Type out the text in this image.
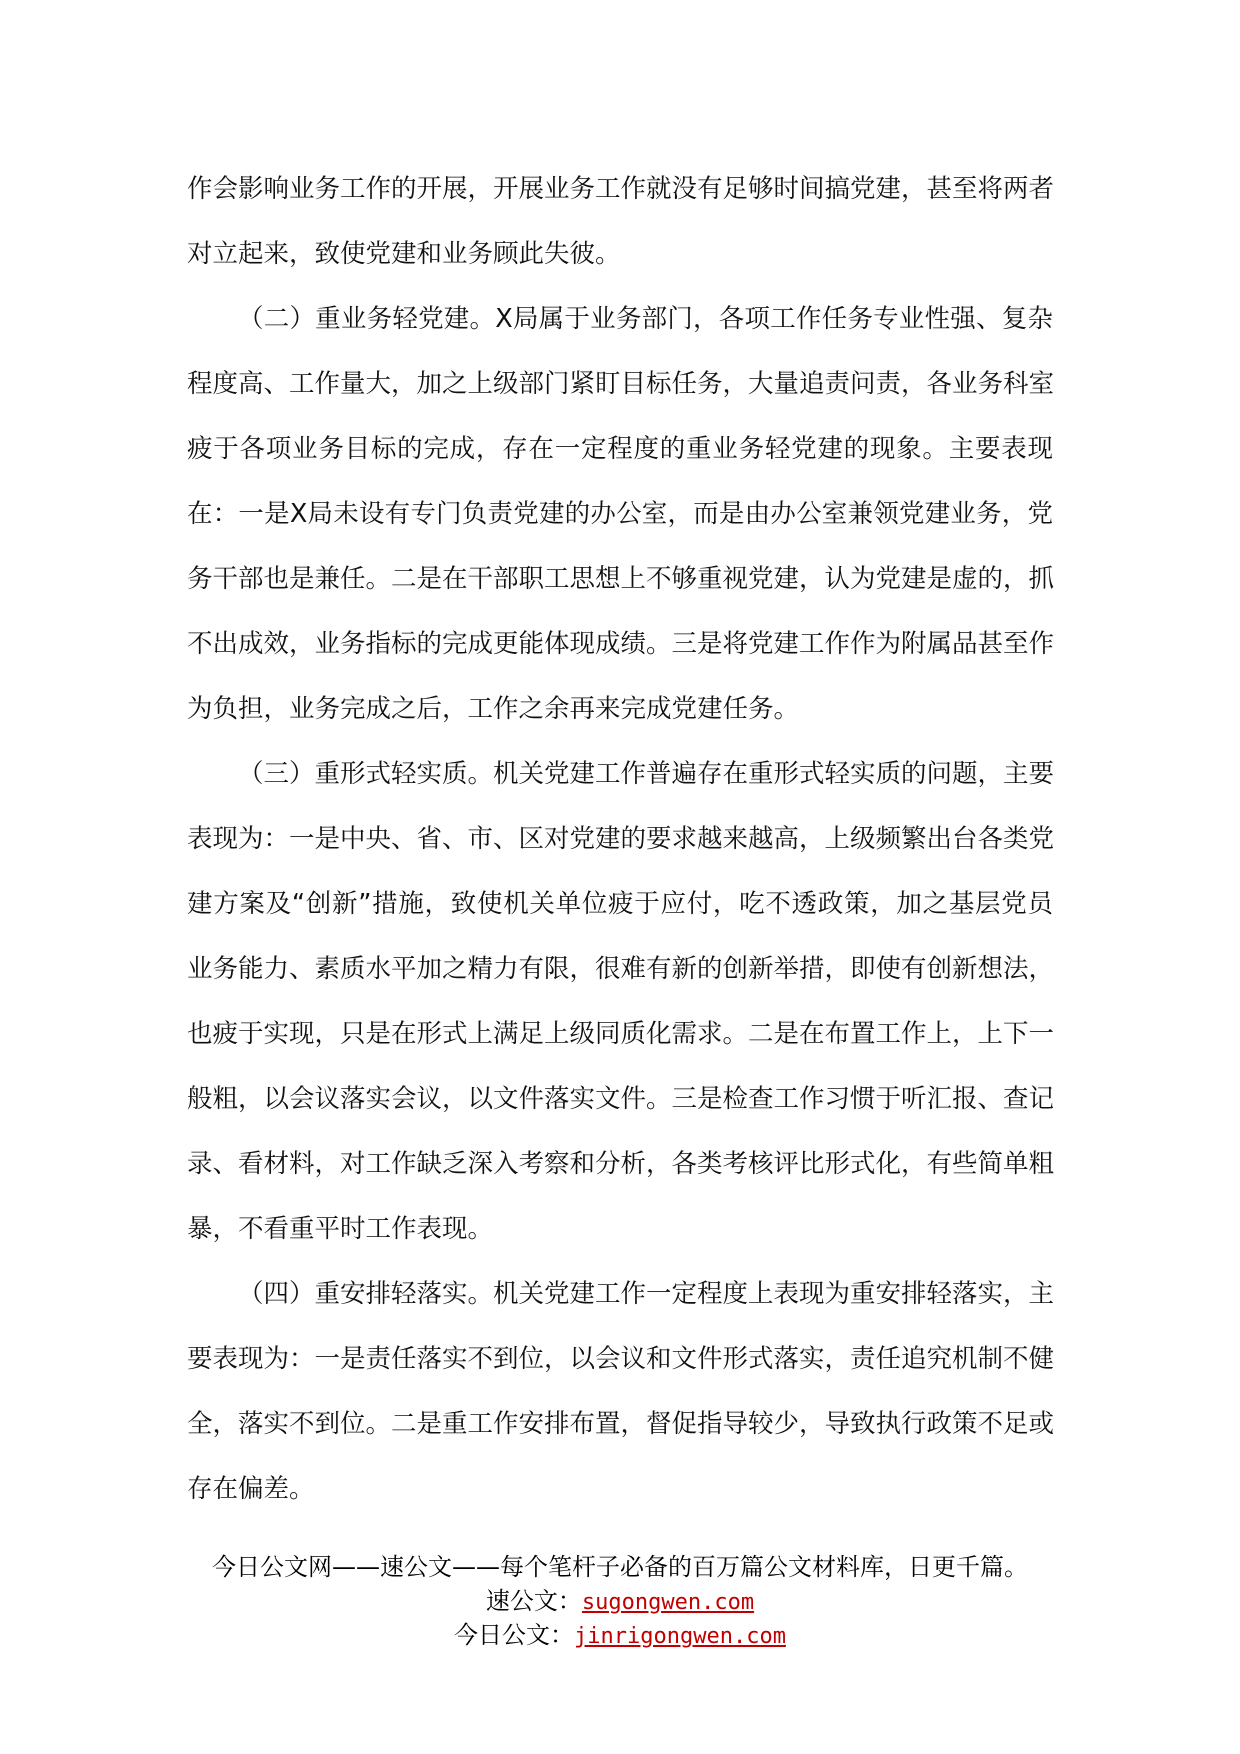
作会影响业务工作的开展，开展业务工作就没有足够时间搞党建，甚至将两者
对立起来，致使党建和业务顾此失彼。
（二）重业务轻党建。X局属于业务部门，各项工作任务专业性强、复杂
程度高、工作量大，加之上级部门紧盯目标任务，大量追责问责，各业务科室
疲于各项业务目标的完成，存在一定程度的重业务轻党建的现象。主要表现
在：一是X局未设有专门负责党建的办公室，而是由办公室兼领党建业务，党
务干部也是兼任。二是在干部职工思想上不够重视党建，认为党建是虚的，抓
不出成效，业务指标的完成更能体现成绩。三是将党建工作作为附属品甚至作
为负担，业务完成之后，工作之余再来完成党建任务。
（三）重形式轻实质。机关党建工作普遍存在重形式轻实质的问题，主要
表现为：一是中央、省、市、区对党建的要求越来越高，上级频繁出台各类党
建方案及“创新”措施，致使机关单位疲于应付，吃不透政策，加之基层党员
业务能力、素质水平加之精力有限，很难有新的创新举措，即使有创新想法，
也疲于实现，只是在形式上满足上级同质化需求。二是在布置工作上，上下一
般粗，以会议落实会议，以文件落实文件。三是检查工作习惯于听汇报、查记
录、看材料，对工作缺乏深入考察和分析，各类考核评比形式化，有些简单粗
暴，不看重平时工作表现。
（四）重安排轻落实。机关党建工作一定程度上表现为重安排轻落实，主
要表现为：一是责任落实不到位，以会议和文件形式落实，责任追究机制不健
全，落实不到位。二是重工作安排布置，督促指导较少，导致执行政策不足或
存在偏差。
今日公文网——速公文——每个笔杆子必备的百万篇公文材料库，日更千篇。
速公文：sugongwen.com
今日公文：jinrigongwen.com
